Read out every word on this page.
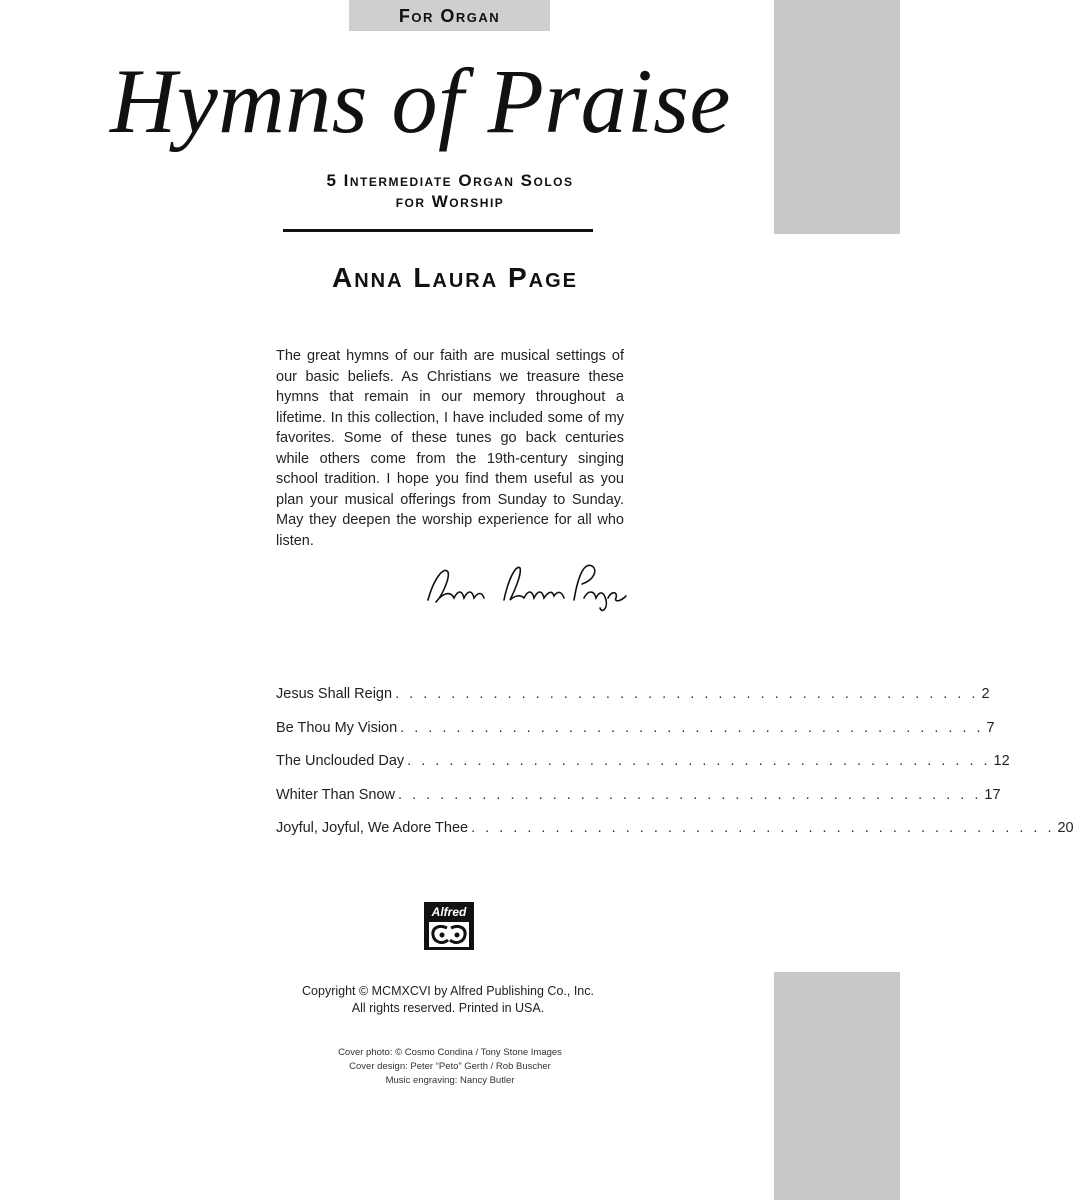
For Organ
Hymns of Praise
5 Intermediate Organ Solos
for Worship
Anna Laura Page

The great hymns of our faith are musical settings of our basic beliefs. As Christians we treasure these hymns that remain in our memory throughout a lifetime. In this collection, I have included some of my favorites. Some of these tunes go back centuries while others come from the 19th-century singing school tradition. I hope you find them useful as you plan your musical offerings from Sunday to Sunday. May they deepen the worship experience for all who listen.

Jesus Shall Reign . . . . . . . . . . . . . . . . . . . . . . . . . . . . . . . . . . . . . . . . . . 2
Be Thou My Vision . . . . . . . . . . . . . . . . . . . . . . . . . . . . . . . . . . . . . . . . . . 7
The Unclouded Day . . . . . . . . . . . . . . . . . . . . . . . . . . . . . . . . . . . . . . . . . . 12
Whiter Than Snow . . . . . . . . . . . . . . . . . . . . . . . . . . . . . . . . . . . . . . . . . . 17
Joyful, Joyful, We Adore Thee . . . . . . . . . . . . . . . . . . . . . . . . . . . . . . . . . . . . . . . . . . 20
Alfred
Copyright © MCMXCVI by Alfred Publishing Co., Inc.
All rights reserved. Printed in USA.
Cover photo: © Cosmo Condina / Tony Stone Images
Cover design: Peter “Peto” Gerth / Rob Buscher
Music engraving: Nancy Butler
